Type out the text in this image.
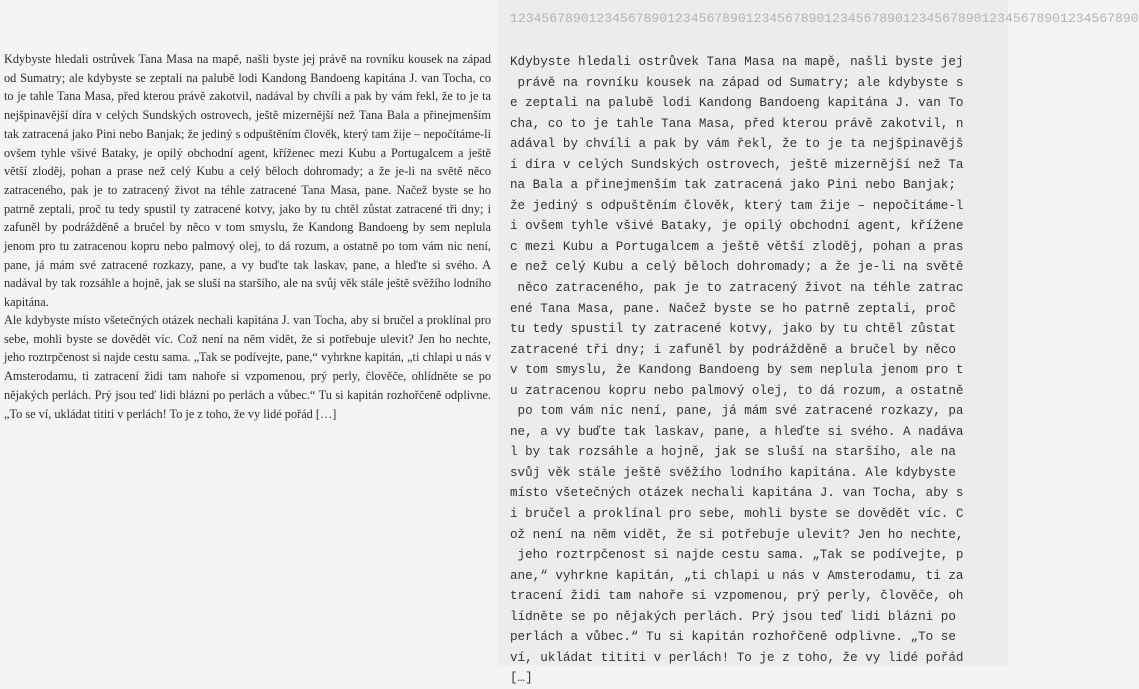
Kdybyste hledali ostrůvek Tana Masa na mapě, našli byste jej právě na rovníku kousek na západ od Sumatry; ale kdybyste se zeptali na palubě lodi Kandong Bandoeng kapitána J. van Tocha, co to je tahle Tana Masa, před kterou právě zakotvil, nadával by chvíli a pak by vám řekl, že to je ta nejšpinavější díra v celých Sundských ostrovech, ještě mizernější než Tana Bala a přinejmenším tak zatracená jako Pini nebo Banjak; že jediný s odpuštěním člověk, který tam žije – nepočítáme-li ovšem tyhle všivé Bataky, je opilý obchodní agent, kříženec mezi Kubu a Portugalcem a ještě větší zloděj, pohan a prase než celý Kubu a celý běloch dohromady; a že je-li na světě něco zatraceného, pak je to zatracený život na téhle zatracené Tana Masa, pane. Načež byste se ho patrně zeptali, proč tu tedy spustil ty zatracené kotvy, jako by tu chtěl zůstat zatracené tři dny; i zafuněl by podrážděně a bručel by něco v tom smyslu, že Kandong Bandoeng by sem neplula jenom pro tu zatracenou kopru nebo palmový olej, to dá rozum, a ostatně po tom vám nic není, pane, já mám své zatracené rozkazy, pane, a vy buďte tak laskav, pane, a hleďte si svého. A nadával by tak rozsáhle a hojně, jak se sluší na staršího, ale na svůj věk stále ještě svěžího lodního kapitána.

Ale kdybyste místo všetečných otázek nechali kapitána J. van Tocha, aby si bručel a proklínal pro sebe, mohli byste se dovědět víc. Což není na něm vidět, že si potřebuje ulevit? Jen ho nechte, jeho roztrpčenost si najde cestu sama. „Tak se podívejte, pane,“ vyhrkne kapitán, „ti chlapi u nás v Amsterodamu, ti zatracení židi tam nahoře si vzpomenou, prý perly, člověče, ohlídněte se po nějakých perlách. Prý jsou teď lidi blázni po perlách a vůbec.“ Tu si kapitán rozhořčeně odplivne. „To se ví, ukládat tititi v perlách! To je z toho, že vy lidé pořád […]

12345678901234567890123456789012345678901234567890123456789012345678901234567890
Kdybyste hledali ostrůvek Tana Masa na mapě, našli byste jej
právě na rovníku kousek na západ od Sumatry; ale kdybyste s
e zeptali na palubě lodi Kandong Bandoeng kapitána J. van To
cha, co to je tahle Tana Masa, před kterou právě zakotvil, n
adával by chvíli a pak by vám řekl, že to je ta nejšpinavějš
í díra v celých Sundských ostrovech, ještě mizernější než Ta
na Bala a přinejmenším tak zatracená jako Pini nebo Banjak;
že jediný s odpuštěním člověk, který tam žije – nepočítáme-l
i ovšem tyhle všivé Bataky, je opilý obchodní agent, křížene
c mezi Kubu a Portugalcem a ještě větší zloděj, pohan a pras
e než celý Kubu a celý běloch dohromady; a že je-li na světě
něco zatraceného, pak je to zatracený život na téhle zatrac
ené Tana Masa, pane. Načež byste se ho patrně zeptali, proč
tu tedy spustil ty zatracené kotvy, jako by tu chtěl zůstat
zatracené tři dny; i zafuněl by podrážděně a bručel by něco
v tom smyslu, že Kandong Bandoeng by sem neplula jenom pro t
u zatracenou kopru nebo palmový olej, to dá rozum, a ostatně
po tom vám nic není, pane, já mám své zatracené rozkazy, pa
ne, a vy buďte tak laskav, pane, a hleďte si svého. A nadáva
l by tak rozsáhle a hojně, jak se sluší na staršího, ale na
svůj věk stále ještě svěžího lodního kapitána. Ale kdybyste
místo všetečných otázek nechali kapitána J. van Tocha, aby s
i bručel a proklínal pro sebe, mohli byste se dovědět víc. C
ož není na něm vidět, že si potřebuje ulevit? Jen ho nechte,
jeho roztrpčenost si najde cestu sama. „Tak se podívejte, p
ane,“ vyhrkne kapitán, „ti chlapi u nás v Amsterodamu, ti za
tracení židi tam nahoře si vzpomenou, prý perly, člověče, oh
lídněte se po nějakých perlách. Prý jsou teď lidi blázni po
perlách a vůbec.“ Tu si kapitán rozhořčeně odplivne. „To se
ví, ukládat tititi v perlách! To je z toho, že vy lidé pořád
[…]
